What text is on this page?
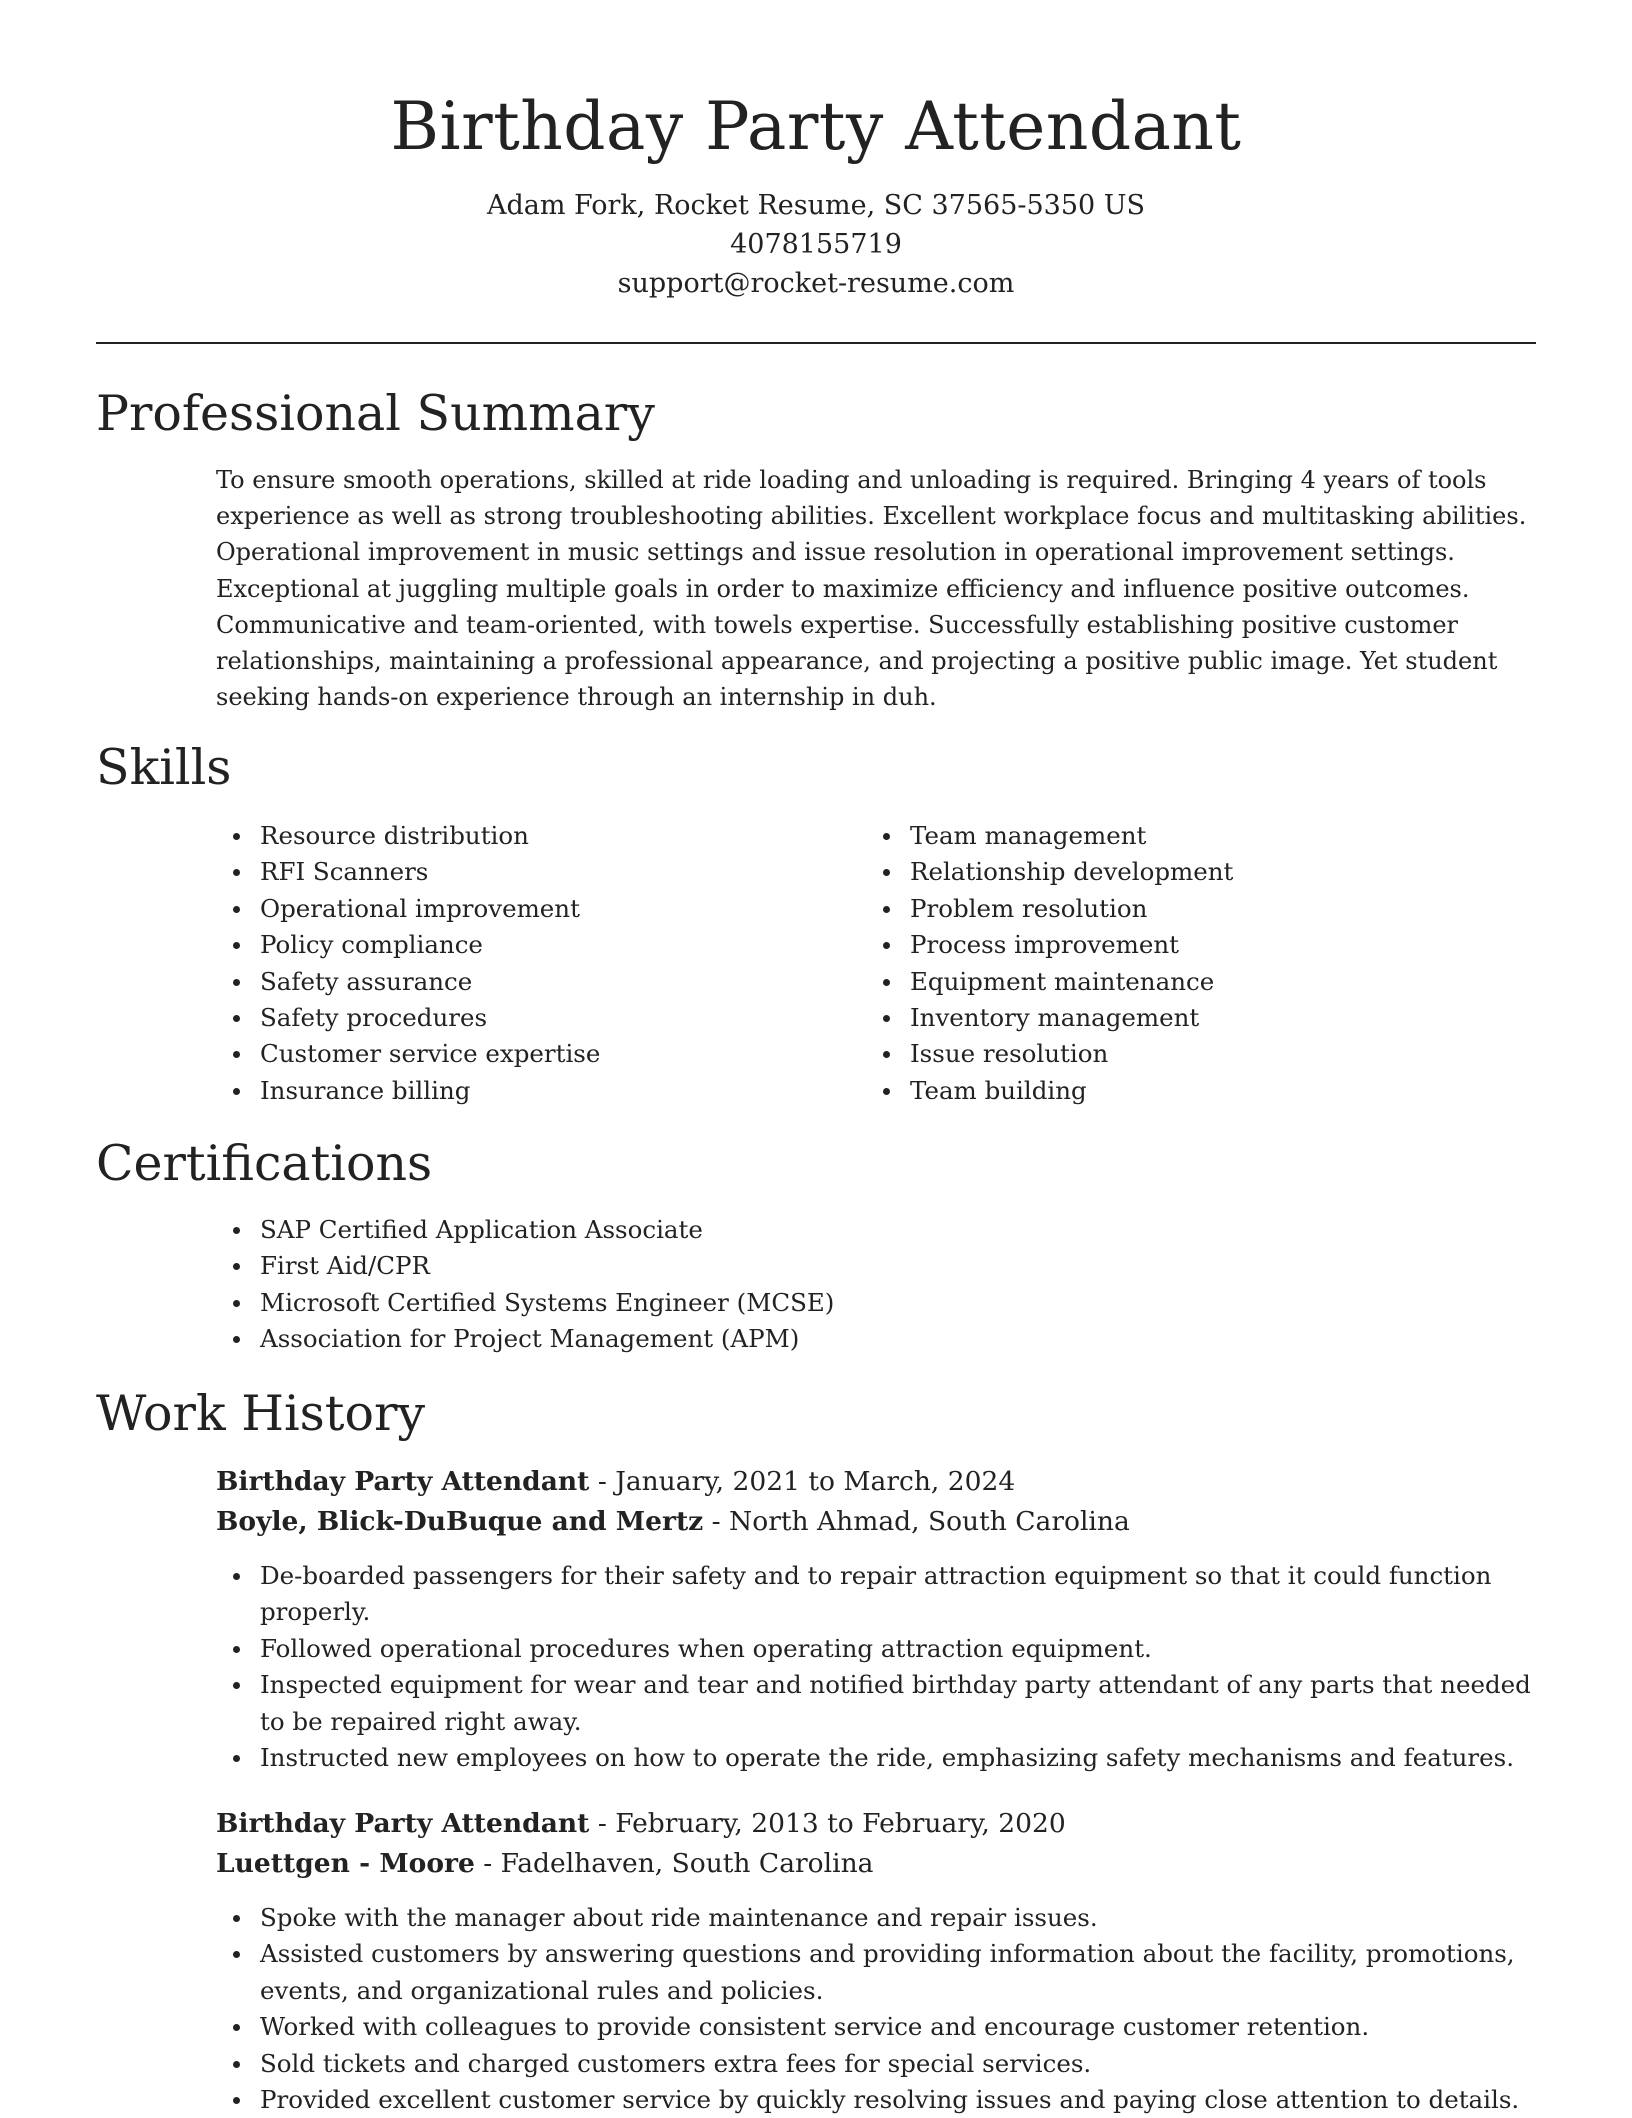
Birthday Party Attendant
Adam Fork, Rocket Resume, SC 37565-5350 US
4078155719
support@rocket-resume.com
Professional Summary

To ensure smooth operations, skilled at ride loading and unloading is required. Bringing 4 years of tools experience as well as strong troubleshooting abilities. Excellent workplace focus and multitasking abilities. Operational improvement in music settings and issue resolution in operational improvement settings. Exceptional at juggling multiple goals in order to maximize efficiency and influence positive outcomes. Communicative and team-oriented, with towels expertise. Successfully establishing positive customer relationships, maintaining a professional appearance, and projecting a positive public image. Yet student seeking hands-on experience through an internship in duh.

Skills
Resource distribution
RFI Scanners
Operational improvement
Policy compliance
Safety assurance
Safety procedures
Customer service expertise
Insurance billing
Team management
Relationship development
Problem resolution
Process improvement
Equipment maintenance
Inventory management
Issue resolution
Team building
Certifications
SAP Certified Application Associate
First Aid/CPR
Microsoft Certified Systems Engineer (MCSE)
Association for Project Management (APM)
Work History
Birthday Party Attendant - January, 2021 to March, 2024
Boyle, Blick-DuBuque and Mertz - North Ahmad, South Carolina
De-boarded passengers for their safety and to repair attraction equipment so that it could function properly.
Followed operational procedures when operating attraction equipment.
Inspected equipment for wear and tear and notified birthday party attendant of any parts that needed to be repaired right away.
Instructed new employees on how to operate the ride, emphasizing safety mechanisms and features.
Birthday Party Attendant - February, 2013 to February, 2020
Luettgen - Moore - Fadelhaven, South Carolina
Spoke with the manager about ride maintenance and repair issues.
Assisted customers by answering questions and providing information about the facility, promotions, events, and organizational rules and policies.
Worked with colleagues to provide consistent service and encourage customer retention.
Sold tickets and charged customers extra fees for special services.
Provided excellent customer service by quickly resolving issues and paying close attention to details.
